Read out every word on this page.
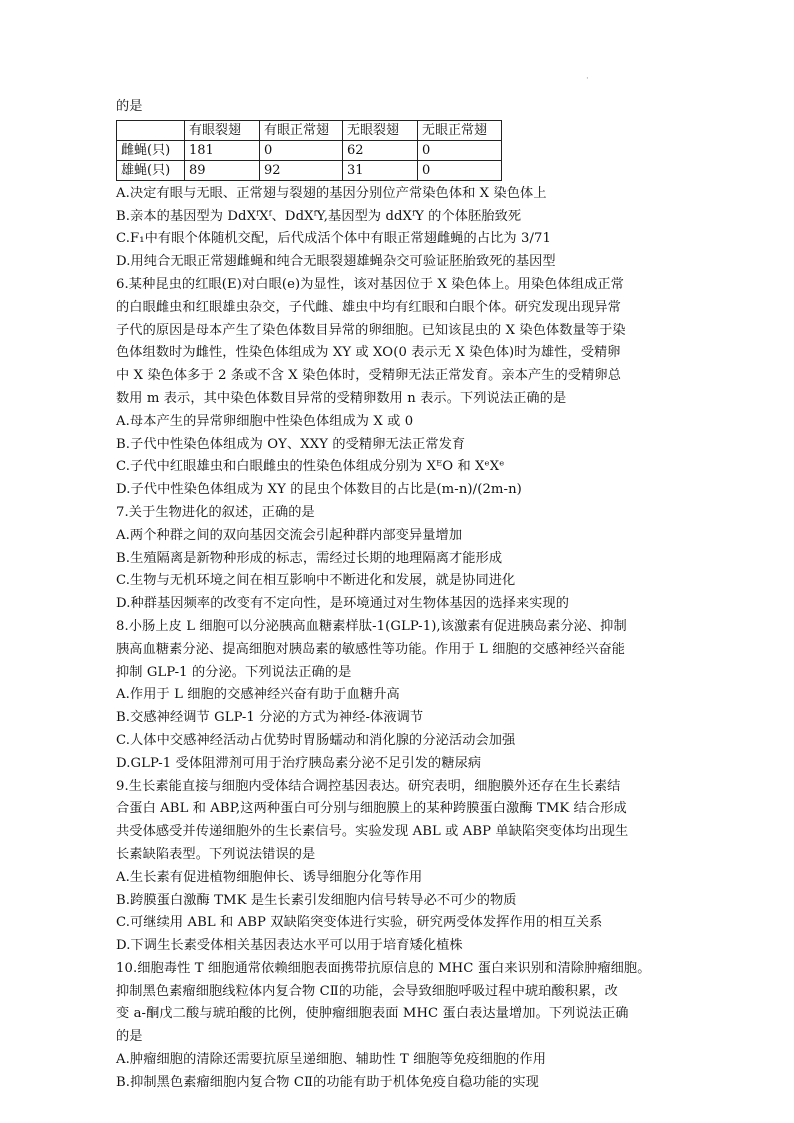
·
的是
	有眼裂翅	有眼正常翅	无眼裂翅	无眼正常翅
雌蝇(只)	181	0	62	0
雄蝇(只)	89	92	31	0
A.决定有眼与无眼、正常翅与裂翅的基因分别位产常染色体和 X 染色体上
B.亲本的基因型为 DdXᶠXᶠ、DdXᶠY,基因型为 ddXᶠY 的个体胚胎致死
C.F₁中有眼个体随机交配，后代成活个体中有眼正常翅雌蝇的占比为 3/71
D.用纯合无眼正常翅雌蝇和纯合无眼裂翅雄蝇杂交可验证胚胎致死的基因型
6.某种昆虫的红眼(E)对白眼(e)为显性，该对基因位于 X 染色体上。用染色体组成正常
的白眼雌虫和红眼雄虫杂交，子代雌、雄虫中均有红眼和白眼个体。研究发现出现异常
子代的原因是母本产生了染色体数目异常的卵细胞。已知该昆虫的 X 染色体数量等于染
色体组数时为雌性，性染色体组成为 XY 或 XO(0 表示无 X 染色体)时为雄性，受精卵
中 X 染色体多于 2 条或不含 X 染色体时，受精卵无法正常发育。亲本产生的受精卵总
数用 m 表示，其中染色体数目异常的受精卵数用 n 表示。下列说法正确的是
A.母本产生的异常卵细胞中性染色体组成为 X 或 0
B.子代中性染色体组成为 OY、XXY 的受精卵无法正常发育
C.子代中红眼雄虫和白眼雌虫的性染色体组成分别为 XᴱO 和 XᵉXᵉ
D.子代中性染色体组成为 XY 的昆虫个体数目的占比是(m-n)/(2m-n)
7.关于生物进化的叙述，正确的是
A.两个种群之间的双向基因交流会引起种群内部变异量增加
B.生殖隔离是新物种形成的标志，需经过长期的地理隔离才能形成
C.生物与无机环境之间在相互影响中不断进化和发展，就是协同进化
D.种群基因频率的改变有不定向性，是环境通过对生物体基因的选择来实现的
8.小肠上皮 L 细胞可以分泌胰高血糖素样肽-1(GLP-1),该激素有促进胰岛素分泌、抑制
胰高血糖素分泌、提高细胞对胰岛素的敏感性等功能。作用于 L 细胞的交感神经兴奋能
抑制 GLP-1 的分泌。下列说法正确的是
A.作用于 L 细胞的交感神经兴奋有助于血糖升高
B.交感神经调节 GLP-1 分泌的方式为神经-体液调节
C.人体中交感神经活动占优势时胃肠蠕动和消化腺的分泌活动会加强
D.GLP-1 受体阻滞剂可用于治疗胰岛素分泌不足引发的糖尿病
9.生长素能直接与细胞内受体结合调控基因表达。研究表明，细胞膜外还存在生长素结
合蛋白 ABL 和 ABP,这两种蛋白可分别与细胞膜上的某种跨膜蛋白激酶 TMK 结合形成
共受体感受并传递细胞外的生长素信号。实验发现 ABL 或 ABP 单缺陷突变体均出现生
长素缺陷表型。下列说法错误的是
A.生长素有促进植物细胞伸长、诱导细胞分化等作用
B.跨膜蛋白激酶 TMK 是生长素引发细胞内信号转导必不可少的物质
C.可继续用 ABL 和 ABP 双缺陷突变体进行实验，研究两受体发挥作用的相互关系
D.下调生长素受体相关基因表达水平可以用于培育矮化植株
10.细胞毒性 T 细胞通常依赖细胞表面携带抗原信息的 MHC 蛋白来识别和清除肿瘤细胞。
抑制黑色素瘤细胞线粒体内复合物 CⅡ的功能，会导致细胞呼吸过程中琥珀酸积累，改
变 a-酮戊二酸与琥珀酸的比例，使肿瘤细胞表面 MHC 蛋白表达量增加。下列说法正确
的是
A.肿瘤细胞的清除还需要抗原呈递细胞、辅助性 T 细胞等免疫细胞的作用
B.抑制黑色素瘤细胞内复合物 CⅡ的功能有助于机体免疫自稳功能的实现
